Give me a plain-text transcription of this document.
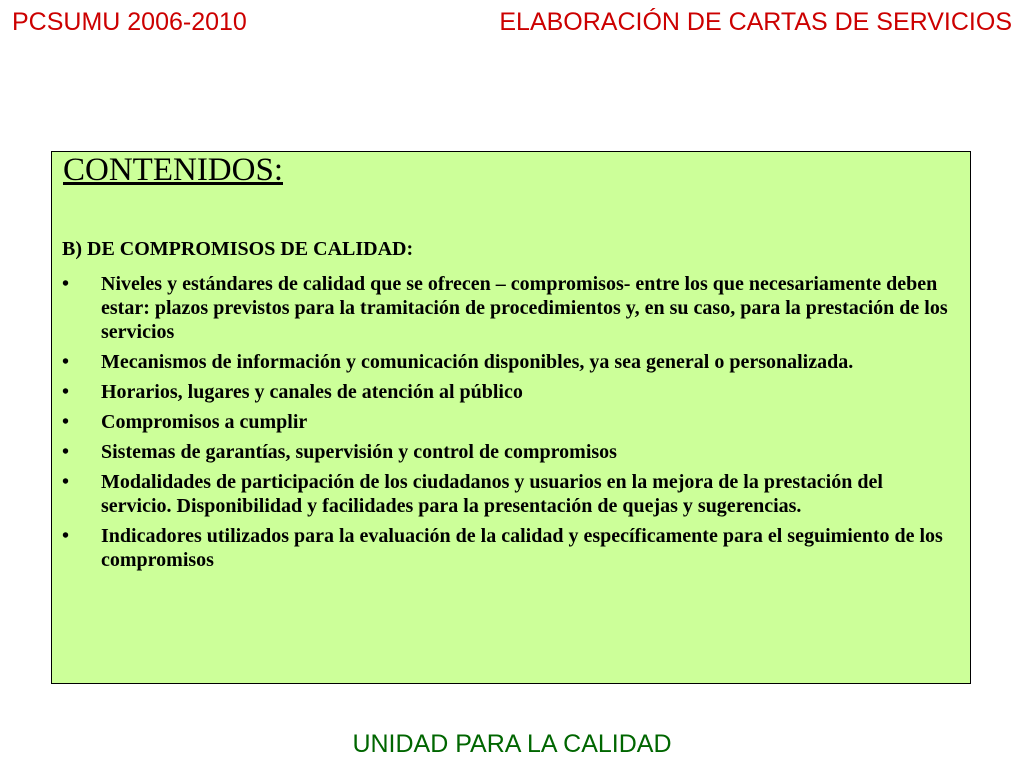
PCSUMU 2006-2010	ELABORACIÓN DE CARTAS DE SERVICIOS
CONTENIDOS:

B) DE COMPROMISOS DE CALIDAD:

• Niveles y estándares de calidad que se ofrecen – compromisos- entre los que necesariamente deben estar: plazos previstos para la tramitación de procedimientos y, en su caso, para la prestación de los servicios
• Mecanismos de información y comunicación disponibles, ya sea general o personalizada.
• Horarios, lugares y canales de atención al público
• Compromisos a cumplir
• Sistemas de garantías, supervisión y control de compromisos
• Modalidades de participación de los ciudadanos y usuarios en la mejora de la prestación del servicio. Disponibilidad y facilidades para la presentación de quejas y sugerencias.
• Indicadores utilizados para la evaluación de la calidad y específicamente para el seguimiento de los compromisos
UNIDAD PARA LA CALIDAD
